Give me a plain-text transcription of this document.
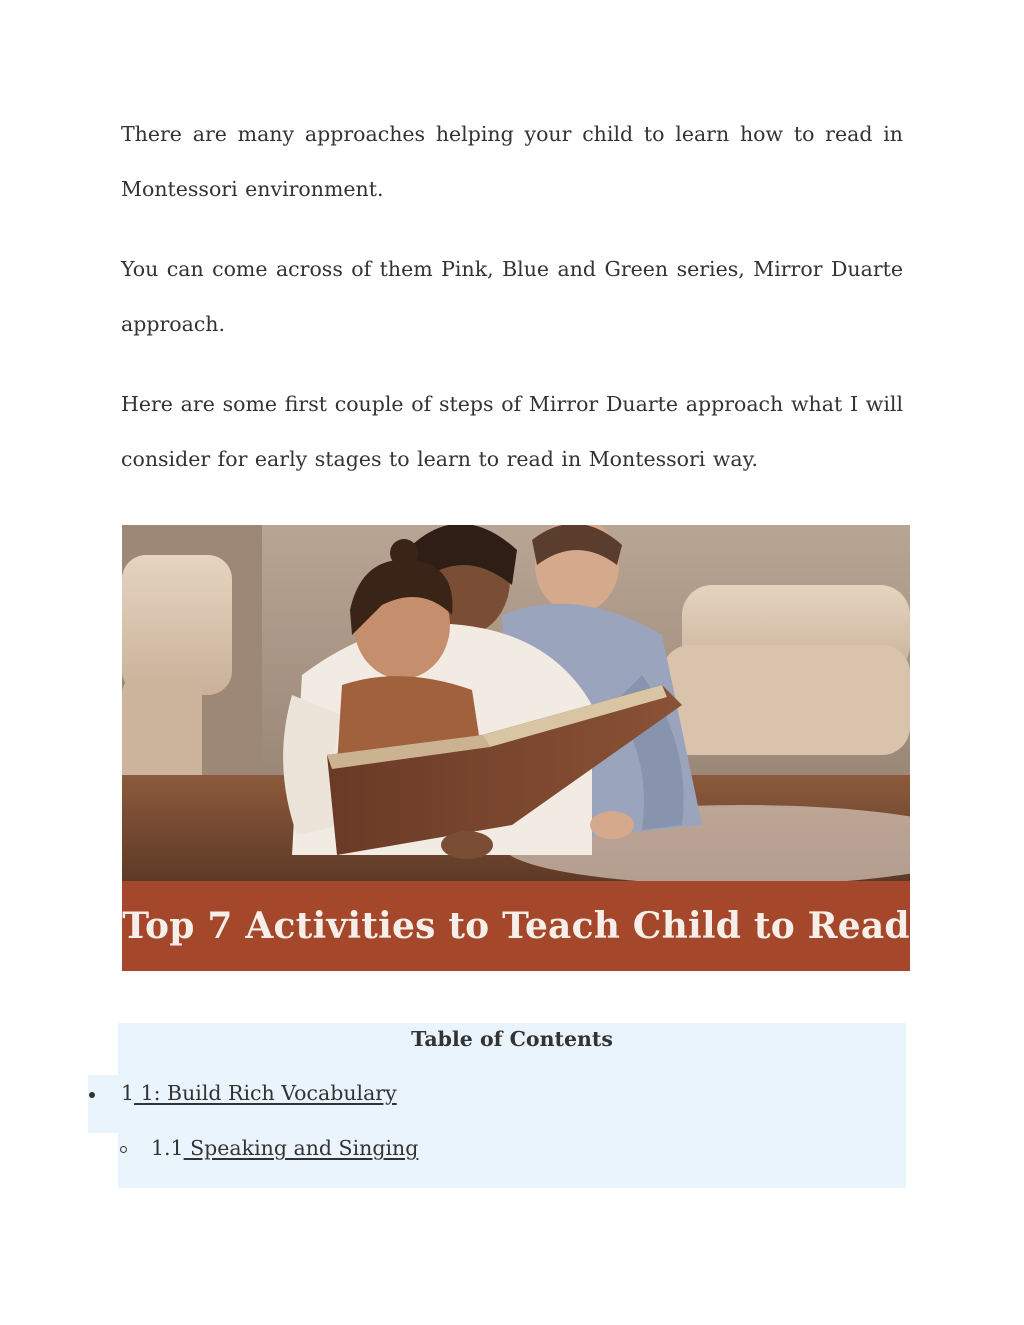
There are many approaches helping your child to learn how to read in Montessori environment.

You can come across of them Pink, Blue and Green series, Mirror Duarte approach.

Here are some first couple of steps of Mirror Duarte approach what I will consider for early stages to learn to read in Montessori way.

Top 7 Activities to Teach Child to Read
Table of Contents
1 1: Build Rich Vocabulary
1.1 Speaking and Singing
